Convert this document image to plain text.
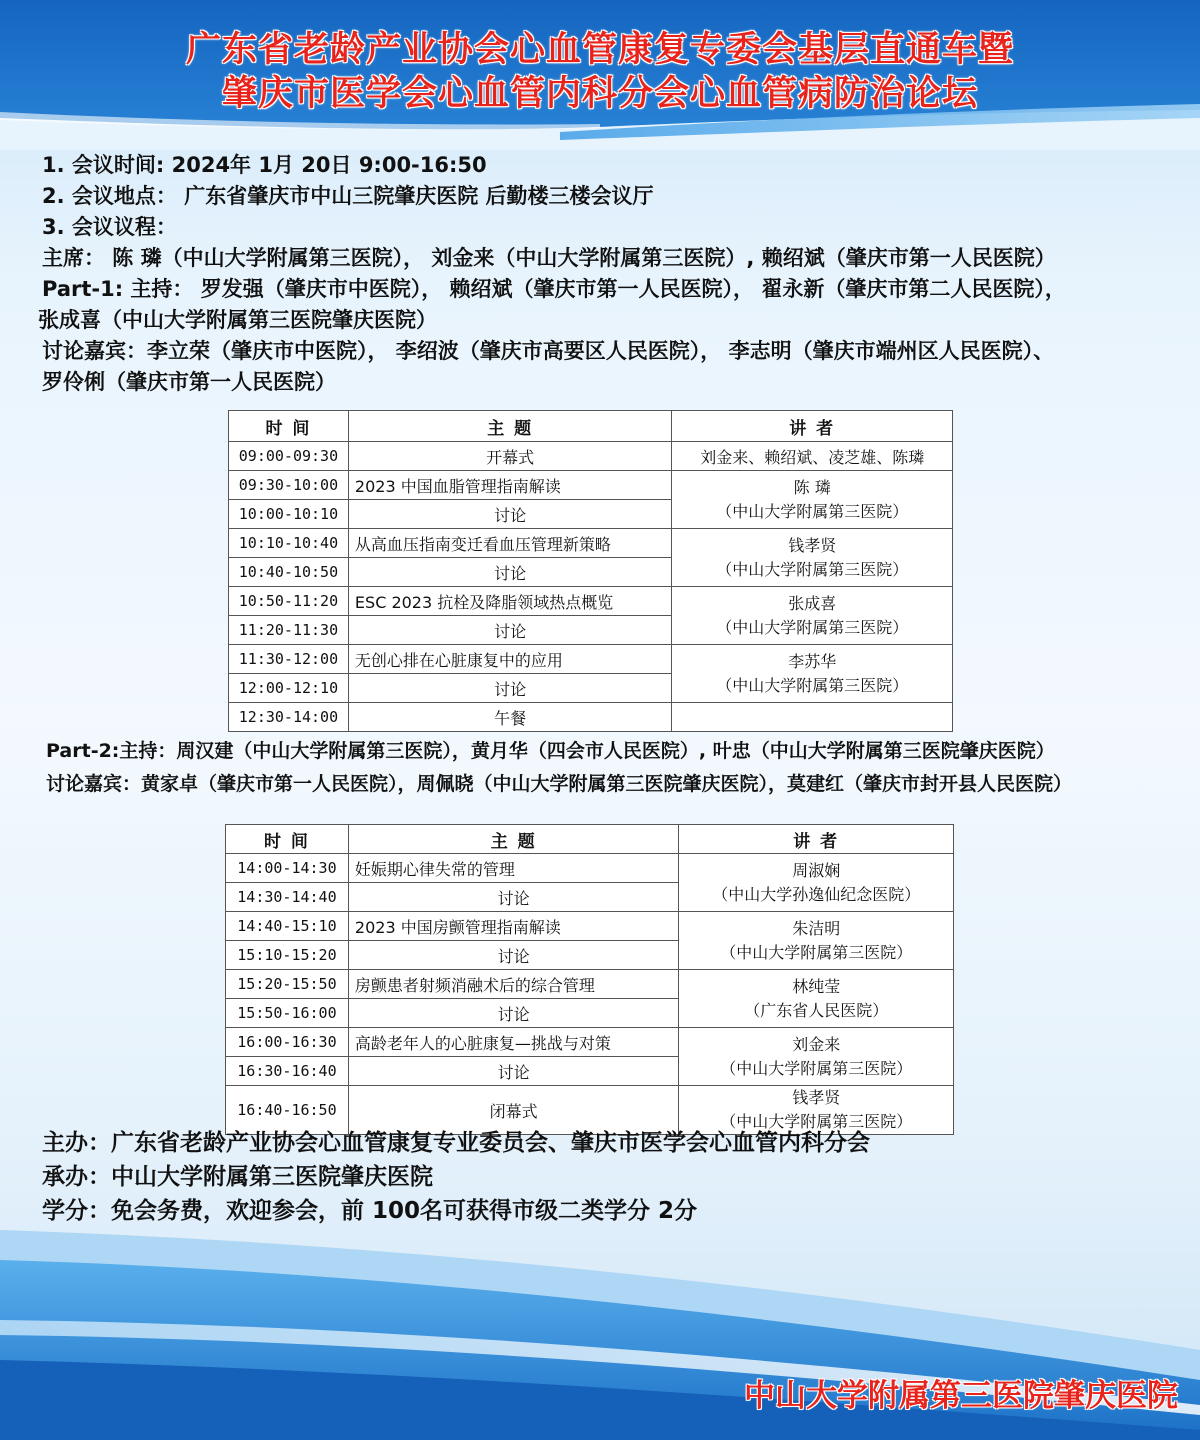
广东省老龄产业协会心血管康复专委会基层直通车暨
肇庆市医学会心血管内科分会心血管病防治论坛
1. 会议时间: 2024年 1月 20日 9:00-16:50
2. 会议地点： 广东省肇庆市中山三院肇庆医院 后勤楼三楼会议厅
3. 会议议程：
主席： 陈 璘（中山大学附属第三医院）， 刘金来（中山大学附属第三医院）, 赖绍斌（肇庆市第一人民医院）
Part-1: 主持： 罗发强（肇庆市中医院）， 赖绍斌（肇庆市第一人民医院）， 翟永新（肇庆市第二人民医院），
张成喜（中山大学附属第三医院肇庆医院）
讨论嘉宾：李立荣（肇庆市中医院）， 李绍波（肇庆市高要区人民医院）， 李志明（肇庆市端州区人民医院）、
罗伶俐（肇庆市第一人民医院）
时 间	主 题	讲 者
09:00-09:30	开幕式	刘金来、赖绍斌、凌芝雄、陈璘
09:30-10:00	2023 中国血脂管理指南解读	陈 璘
（中山大学附属第三医院）

10:00-10:10	讨论	
10:10-10:40	从高血压指南变迁看血压管理新策略	钱孝贤
（中山大学附属第三医院）

10:40-10:50	讨论	
10:50-11:20	ESC 2023 抗栓及降脂领域热点概览	张成喜
（中山大学附属第三医院）

11:20-11:30	讨论	
11:30-12:00	无创心排在心脏康复中的应用	李苏华
（中山大学附属第三医院）

12:00-12:10	讨论	
12:30-14:00	午餐	
Part-2:主持：周汉建（中山大学附属第三医院），黄月华（四会市人民医院）, 叶忠（中山大学附属第三医院肇庆医院）
讨论嘉宾：黄家卓（肇庆市第一人民医院），周佩晓（中山大学附属第三医院肇庆医院），莫建红（肇庆市封开县人民医院）
时 间	主 题	讲 者
14:00-14:30	妊娠期心律失常的管理	周淑娴
（中山大学孙逸仙纪念医院）

14:30-14:40	讨论	
14:40-15:10	2023 中国房颤管理指南解读	朱洁明
（中山大学附属第三医院）

15:10-15:20	讨论	
15:20-15:50	房颤患者射频消融术后的综合管理	林纯莹
（广东省人民医院）

15:50-16:00	讨论	
16:00-16:30	高龄老年人的心脏康复—挑战与对策	刘金来
（中山大学附属第三医院）

16:30-16:40	讨论	
16:40-16:50	闭幕式	钱孝贤
（中山大学附属第三医院）
主办：广东省老龄产业协会心血管康复专业委员会、肇庆市医学会心血管内科分会
承办：中山大学附属第三医院肇庆医院
学分：免会务费，欢迎参会，前 100名可获得市级二类学分 2分
中山大学附属第三医院肇庆医院
